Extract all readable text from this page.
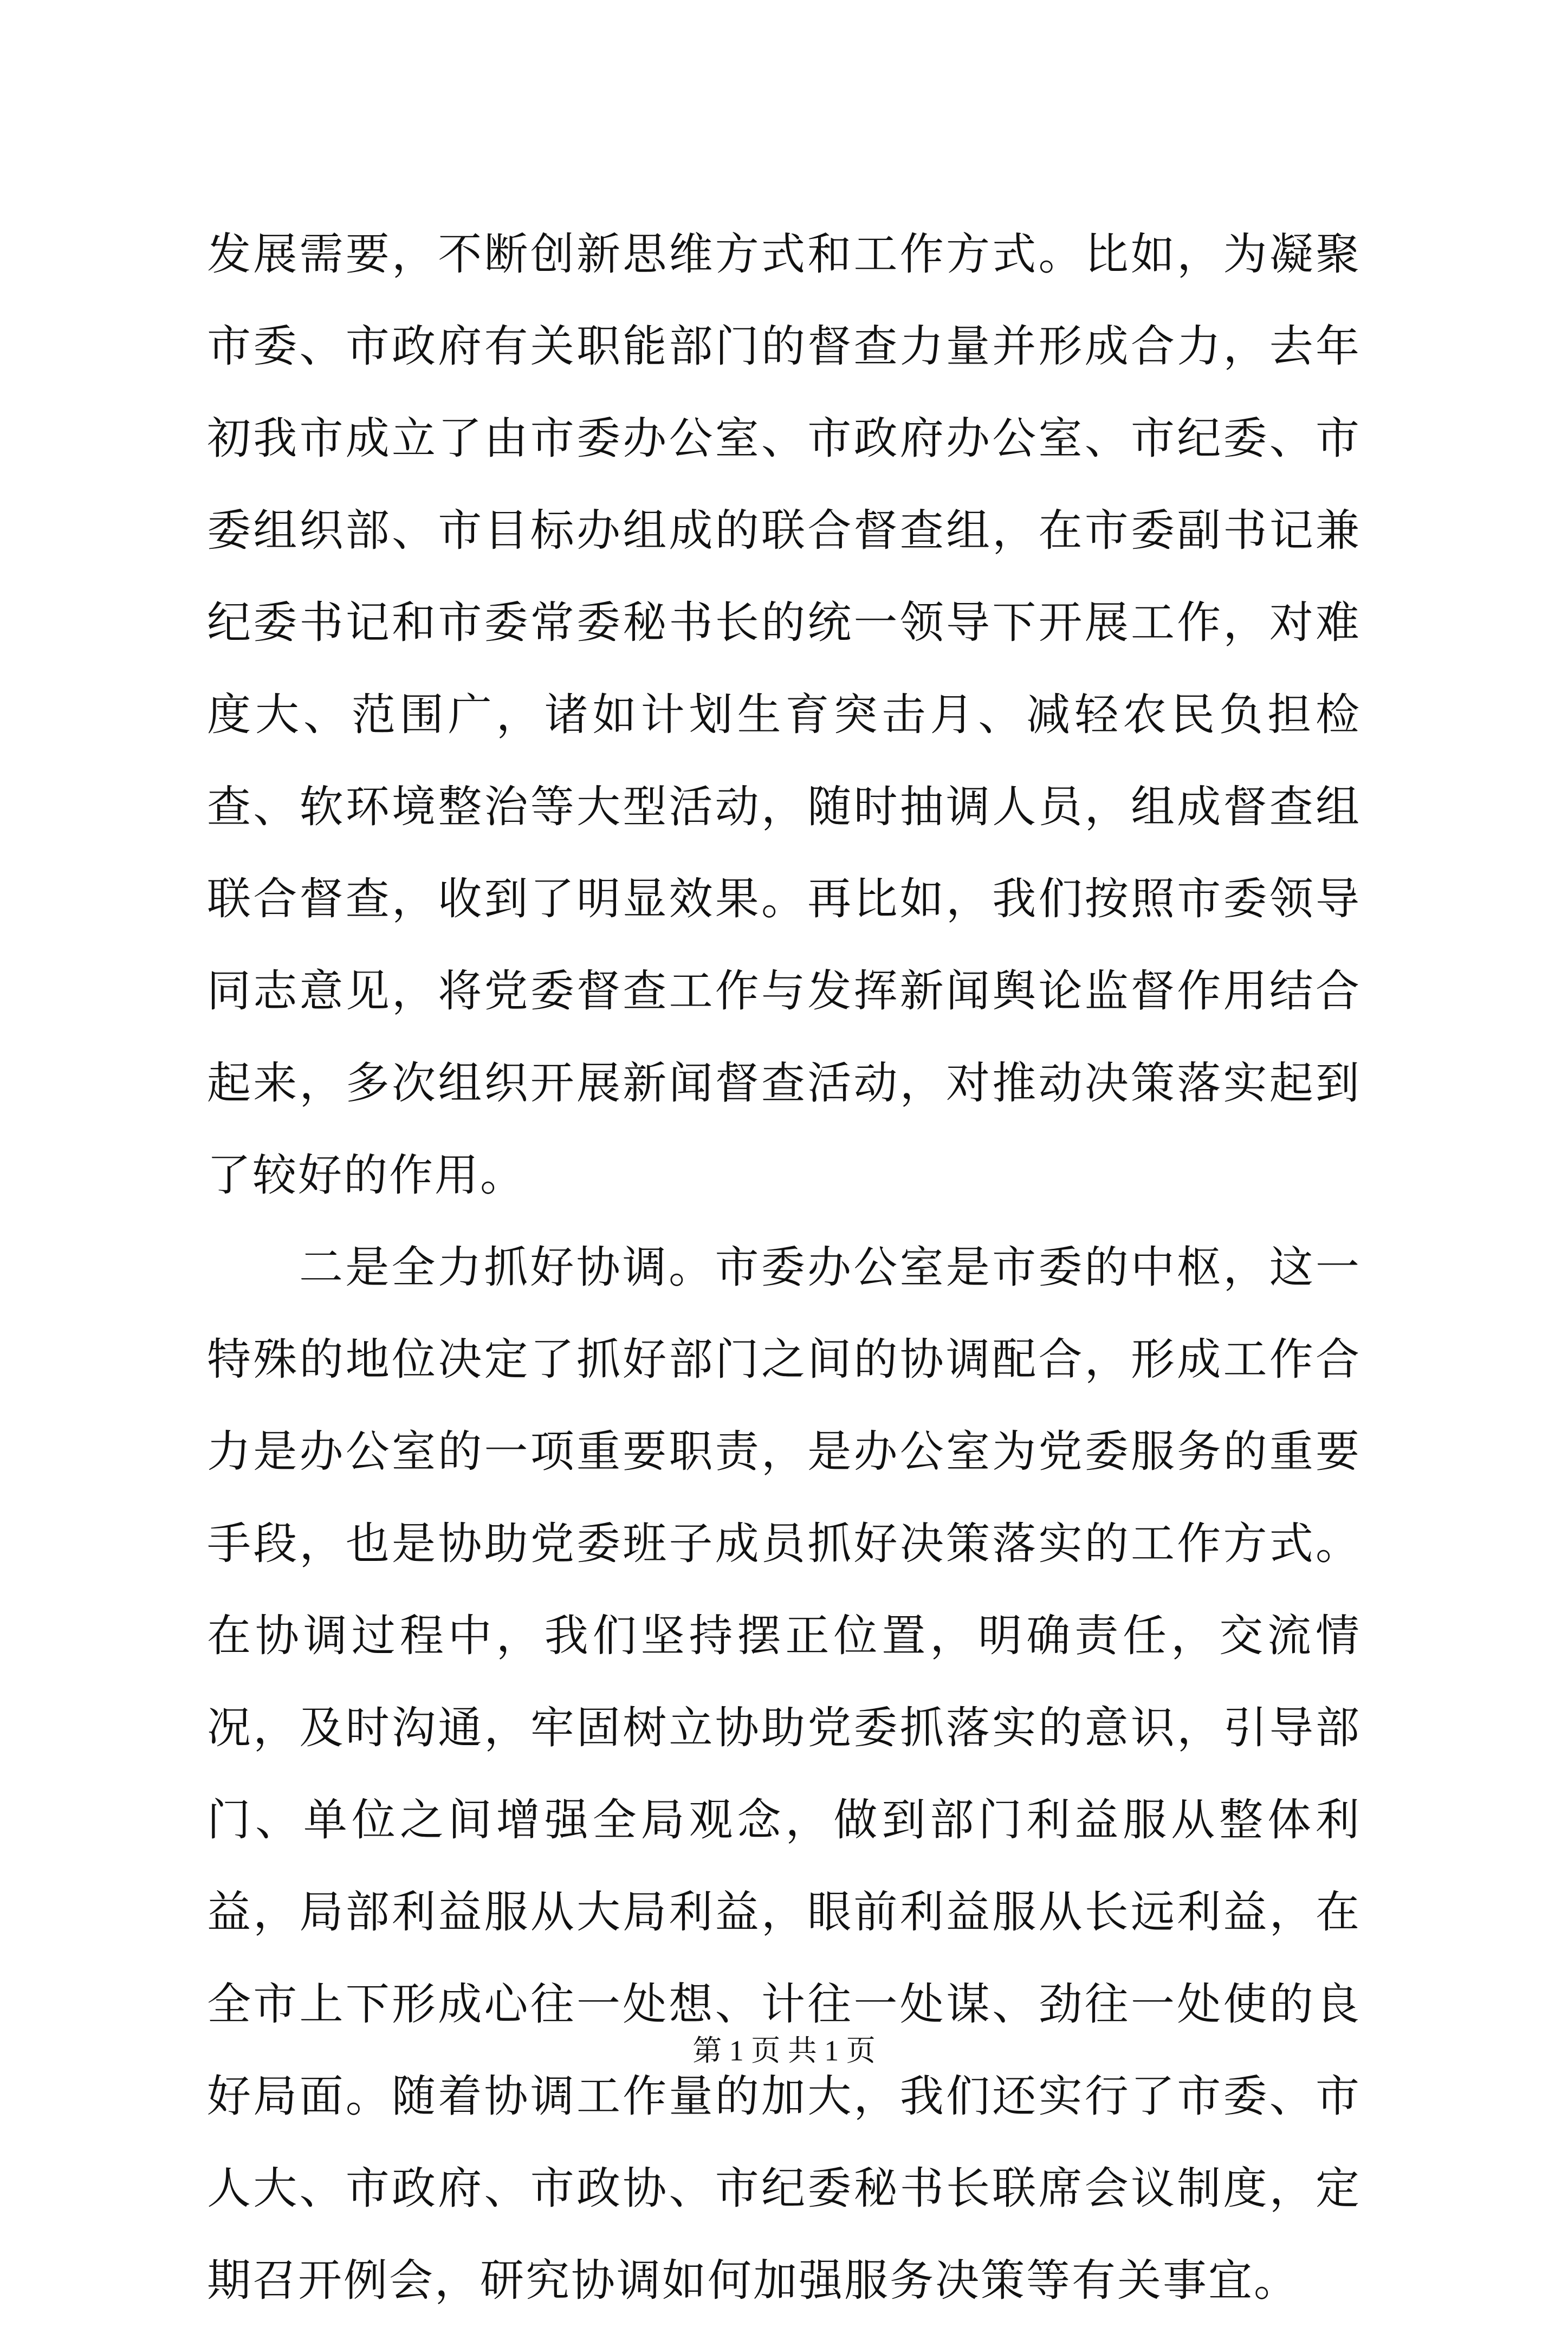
发展需要，不断创新思维方式和工作方式。比如，为凝聚市委、市政府有关职能部门的督查力量并形成合力，去年初我市成立了由市委办公室、市政府办公室、市纪委、市委组织部、市目标办组成的联合督查组，在市委副书记兼纪委书记和市委常委秘书长的统一领导下开展工作，对难度大、范围广，诸如计划生育突击月、减轻农民负担检查、软环境整治等大型活动，随时抽调人员，组成督查组联合督查，收到了明显效果。再比如，我们按照市委领导同志意见，将党委督查工作与发挥新闻舆论监督作用结合起来，多次组织开展新闻督查活动，对推动决策落实起到了较好的作用。

二是全力抓好协调。市委办公室是市委的中枢，这一特殊的地位决定了抓好部门之间的协调配合，形成工作合力是办公室的一项重要职责，是办公室为党委服务的重要手段，也是协助党委班子成员抓好决策落实的工作方式。在协调过程中，我们坚持摆正位置，明确责任，交流情况，及时沟通，牢固树立协助党委抓落实的意识，引导部门、单位之间增强全局观念，做到部门利益服从整体利益，局部利益服从大局利益，眼前利益服从长远利益，在全市上下形成心往一处想、计往一处谋、劲往一处使的良好局面。随着协调工作量的加大，我们还实行了市委、市人大、市政府、市政协、市纪委秘书长联席会议制度，定期召开例会，研究协调如何加强服务决策等有关事宜。

第 1 页 共 1 页
